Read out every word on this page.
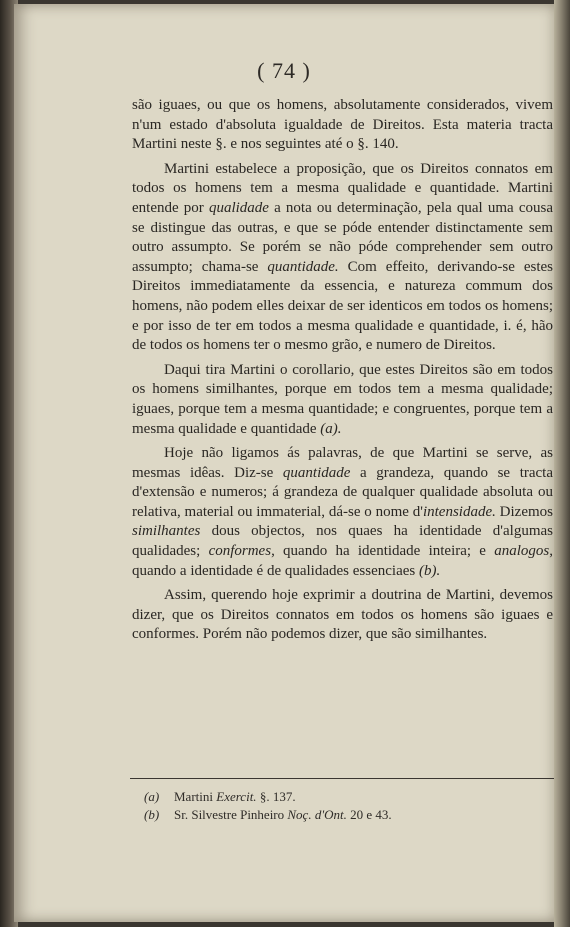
( 74 )

são iguaes, ou que os homens, absolutamente considerados, vivem n'um estado d'absoluta igualdade de Direitos. Esta materia tracta Martini neste §. e nos seguintes até o §. 140.

Martini estabelece a proposição, que os Direitos connatos em todos os homens tem a mesma qualidade e quantidade. Martini entende por qualidade a nota ou determinação, pela qual uma cousa se distingue das outras, e que se póde entender distinctamente sem outro assumpto. Se porém se não póde comprehender sem outro assumpto; chama-se quantidade. Com effeito, derivando-se estes Direitos immediatamente da essencia, e natureza commum dos homens, não podem elles deixar de ser identicos em todos os homens; e por isso de ter em todos a mesma qualidade e quantidade, i. é, hão de todos os homens ter o mesmo grão, e numero de Direitos.

Daqui tira Martini o corollario, que estes Direitos são em todos os homens similhantes, porque em todos tem a mesma qualidade; iguaes, porque tem a mesma quantidade; e congruentes, porque tem a mesma qualidade e quantidade (a).

Hoje não ligamos ás palavras, de que Martini se serve, as mesmas idêas. Diz-se quantidade a grandeza, quando se tracta d'extensão e numeros; á grandeza de qualquer qualidade absoluta ou relativa, material ou immaterial, dá-se o nome d'intensidade. Dizemos similhantes dous objectos, nos quaes ha identidade d'algumas qualidades; conformes, quando ha identidade inteira; e analogos, quando a identidade é de qualidades essenciaes (b).

Assim, querendo hoje exprimir a doutrina de Martini, devemos dizer, que os Direitos connatos em todos os homens são iguaes e conformes. Porém não podemos dizer, que são similhantes.

(a) Martini Exercit. §. 137.
(b) Sr. Silvestre Pinheiro Noç. d'Ont. 20 e 43.
